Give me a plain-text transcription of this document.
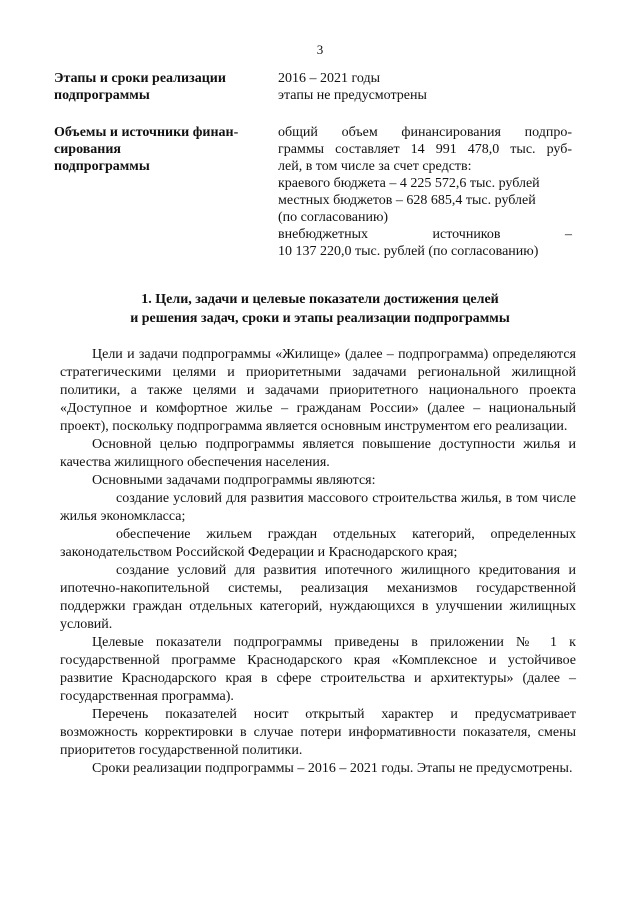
3
Этапы и сроки реализации
подпрограммы
2016 – 2021 годы
этапы не предусмотрены
Объемы и источники финан-
сирования
подпрограммы
общий объем финансирования подпро-
граммы составляет 14 991 478,0 тыс. руб-
лей, в том числе за счет средств:
краевого бюджета – 4 225 572,6 тыс. рублей
местных бюджетов – 628 685,4 тыс. рублей
(по согласованию)
внебюджетных источников –
10 137 220,0 тыс. рублей (по согласованию)
1. Цели, задачи и целевые показатели достижения целей
и решения задач, сроки и этапы реализации подпрограммы

Цели и задачи подпрограммы «Жилище» (далее – подпрограмма) определяются стратегическими целями и приоритетными задачами региональной жилищной политики, а также целями и задачами приоритетного национального проекта «Доступное и комфортное жилье – гражданам России» (далее – национальный проект), поскольку подпрограмма является основным инструментом его реализации.

Основной целью подпрограммы является повышение доступности жилья и качества жилищного обеспечения населения.

Основными задачами подпрограммы являются:

создание условий для развития массового строительства жилья, в том числе жилья экономкласса;

обеспечение жильем граждан отдельных категорий, определенных законодательством Российской Федерации и Краснодарского края;

создание условий для развития ипотечного жилищного кредитования и ипотечно-накопительной системы, реализация механизмов государственной поддержки граждан отдельных категорий, нуждающихся в улучшении жилищных условий.

Целевые показатели подпрограммы приведены в приложении № 1 к государственной программе Краснодарского края «Комплексное и устойчивое развитие Краснодарского края в сфере строительства и архитектуры» (далее – государственная программа).

Перечень показателей носит открытый характер и предусматривает возможность корректировки в случае потери информативности показателя, смены приоритетов государственной политики.

Сроки реализации подпрограммы – 2016 – 2021 годы. Этапы не предусмотрены.
